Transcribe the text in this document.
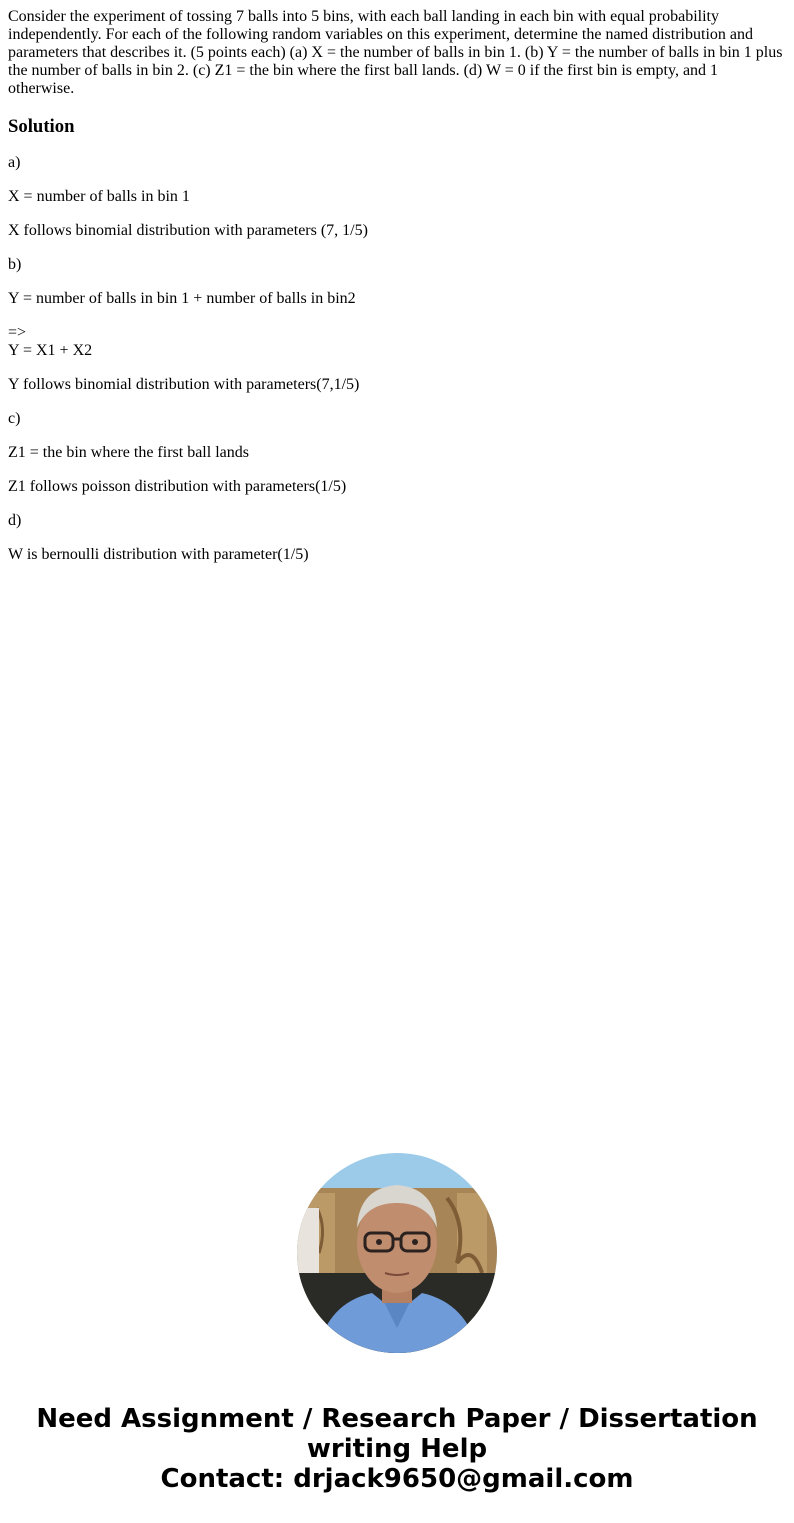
Consider the experiment of tossing 7 balls into 5 bins, with each ball landing in each bin with equal probability independently. For each of the following random variables on this experiment, determine the named distribution and parameters that describes it. (5 points each) (a) X = the number of balls in bin 1. (b) Y = the number of balls in bin 1 plus the number of balls in bin 2. (c) Z1 = the bin where the first ball lands. (d) W = 0 if the first bin is empty, and 1 otherwise.

Solution

a)

X = number of balls in bin 1

X follows binomial distribution with parameters (7, 1/5)

b)

Y = number of balls in bin 1 + number of balls in bin2

=>
Y = X1 + X2

Y follows binomial distribution with parameters(7,1/5)

c)

Z1 = the bin where the first ball lands

Z1 follows poisson distribution with parameters(1/5)

d)

W is bernoulli distribution with parameter(1/5)

Need Assignment / Research Paper / Dissertation
writing Help
Contact: drjack9650@gmail.com
